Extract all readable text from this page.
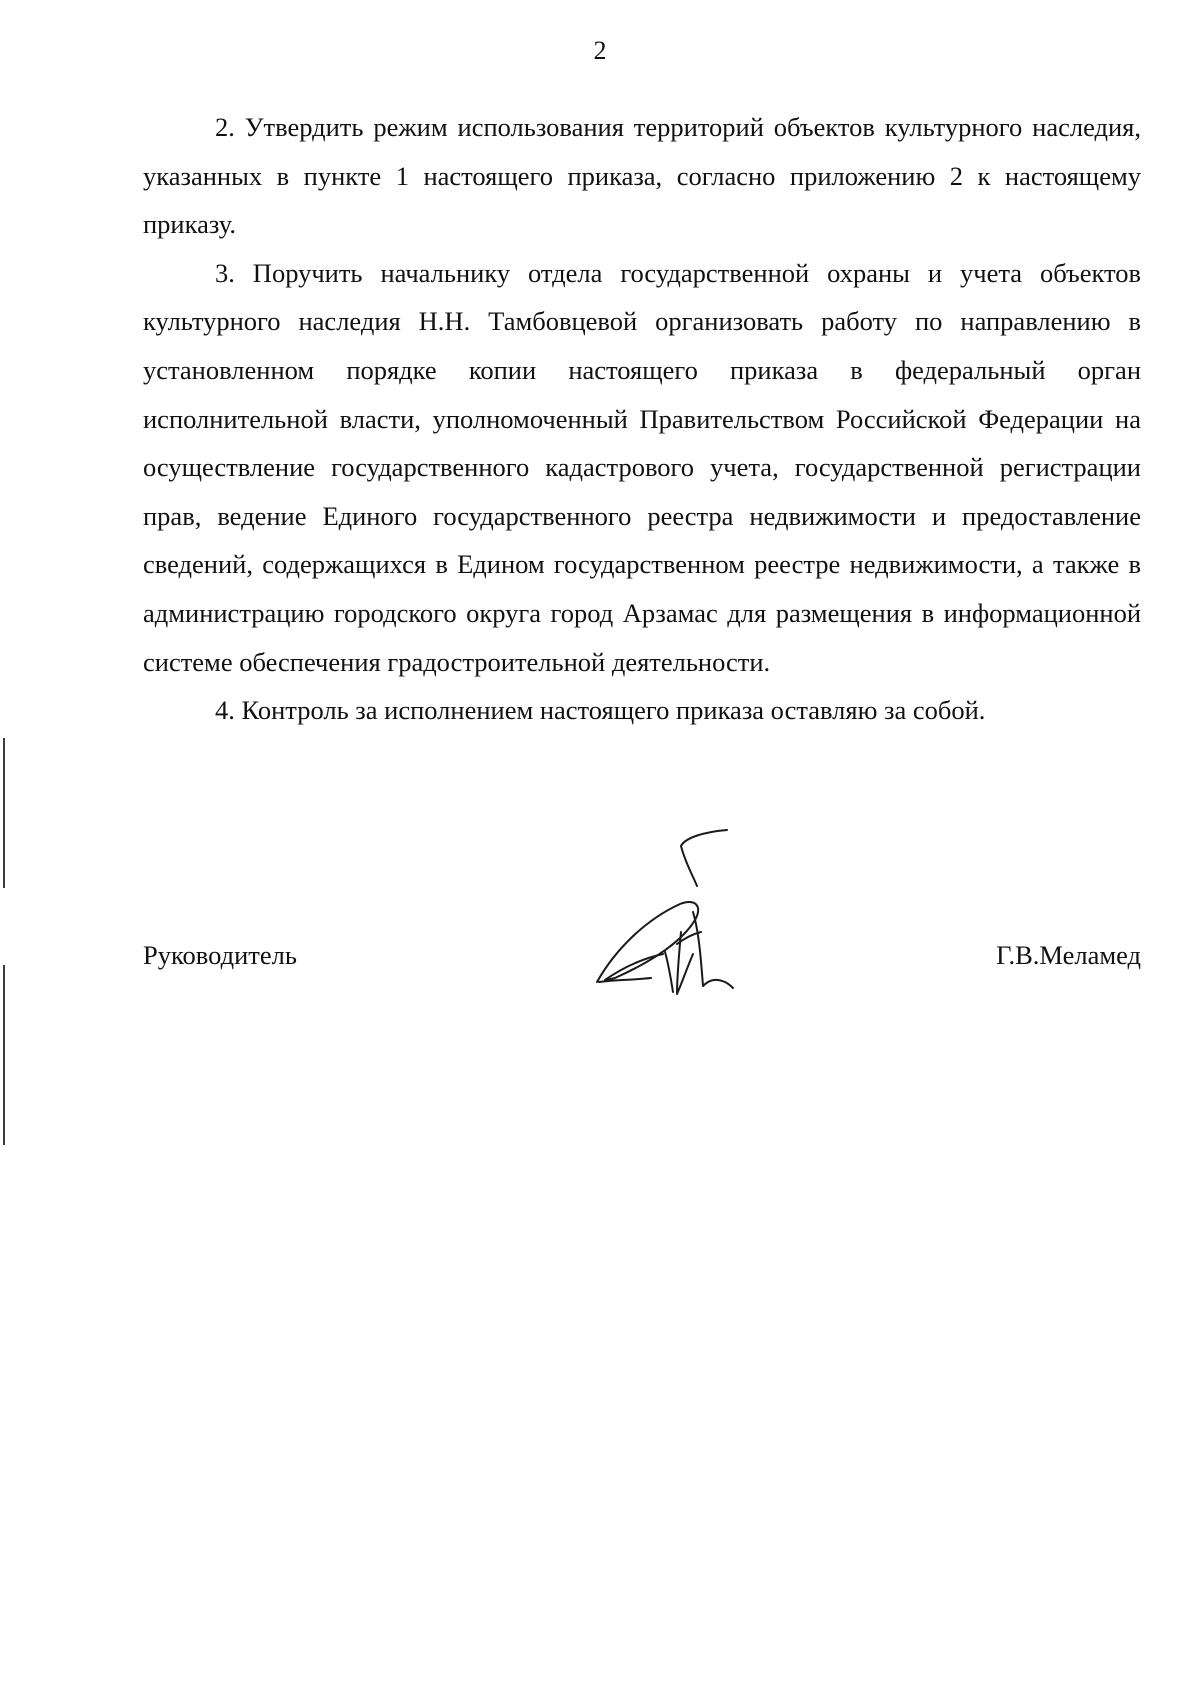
2

2. Утвердить режим использования территорий объектов культурного наследия, указанных в пункте 1 настоящего приказа, согласно приложению 2 к настоящему приказу.

3. Поручить начальнику отдела государственной охраны и учета объектов культурного наследия Н.Н. Тамбовцевой организовать работу по направлению в установленном порядке копии настоящего приказа в федеральный орган исполнительной власти, уполномоченный Правительством Российской Федерации на осуществление государственного кадастрового учета, государственной регистрации прав, ведение Единого государственного реестра недвижимости и предоставление сведений, содержащихся в Едином государственном реестре недвижимости, а также в администрацию городского округа город Арзамас для размещения в информационной системе обеспечения градостроительной деятельности.

4. Контроль за исполнением настоящего приказа оставляю за собой.

Руководитель	Г.В.Меламед
